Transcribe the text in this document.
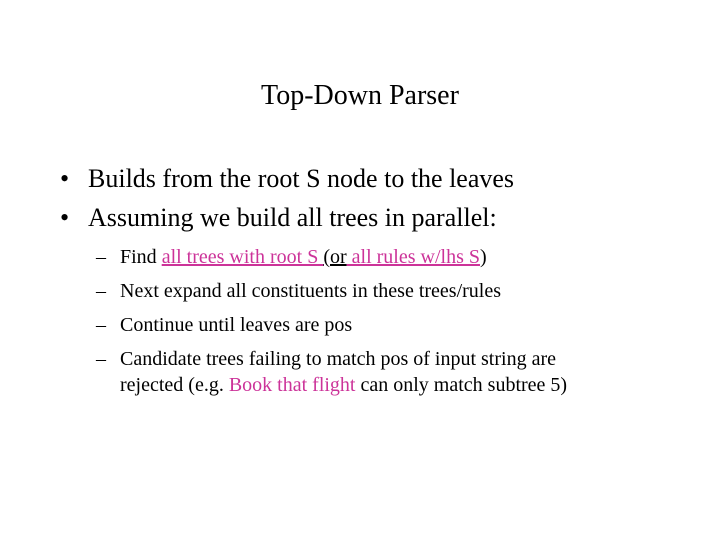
Top-Down Parser
• Builds from the root S node to the leaves
• Assuming we build all trees in parallel:
– Find all trees with root S (or all rules w/lhs S)
– Next expand all constituents in these trees/rules
– Continue until leaves are pos
– Candidate trees failing to match pos of input string are
rejected (e.g. Book that flight can only match subtree 5)
